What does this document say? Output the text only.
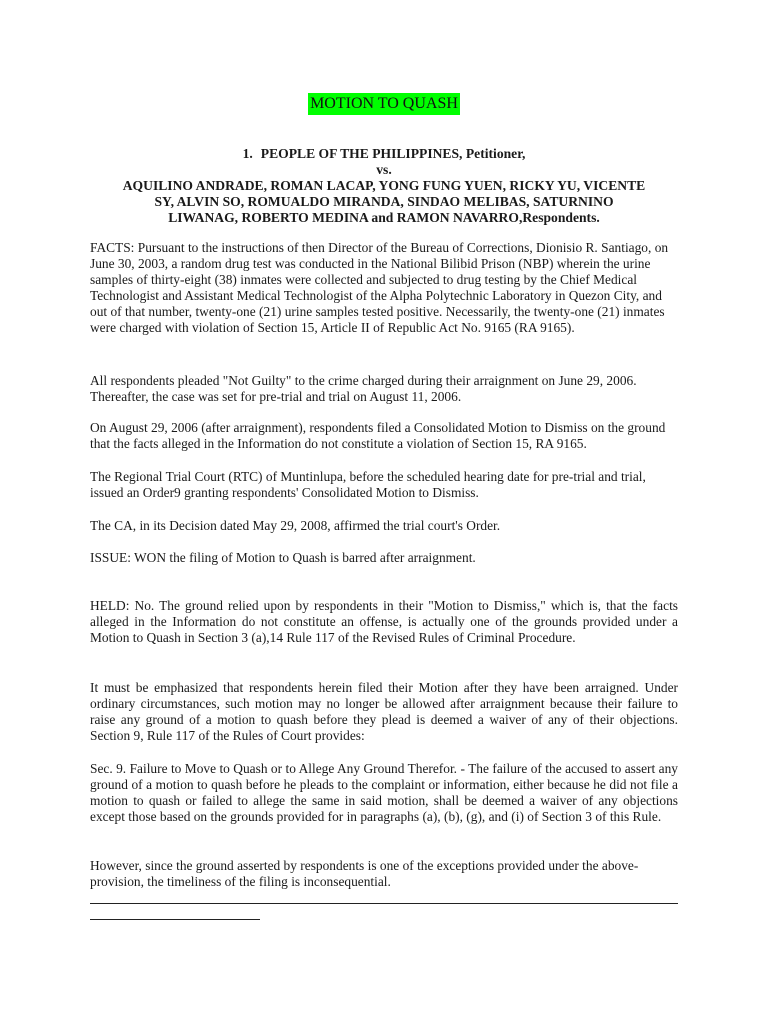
MOTION TO QUASH
1. PEOPLE OF THE PHILIPPINES, Petitioner,
vs.
AQUILINO ANDRADE, ROMAN LACAP, YONG FUNG YUEN, RICKY YU, VICENTE
SY, ALVIN SO, ROMUALDO MIRANDA, SINDAO MELIBAS, SATURNINO
LIWANAG, ROBERTO MEDINA and RAMON NAVARRO,Respondents.

FACTS: Pursuant to the instructions of then Director of the Bureau of Corrections, Dionisio R. Santiago, on June 30, 2003, a random drug test was conducted in the National Bilibid Prison (NBP) wherein the urine samples of thirty-eight (38) inmates were collected and subjected to drug testing by the Chief Medical Technologist and Assistant Medical Technologist of the Alpha Polytechnic Laboratory in Quezon City, and out of that number, twenty-one (21) urine samples tested positive. Necessarily, the twenty-one (21) inmates were charged with violation of Section 15, Article II of Republic Act No. 9165 (RA 9165).

All respondents pleaded "Not Guilty" to the crime charged during their arraignment on June 29, 2006. Thereafter, the case was set for pre-trial and trial on August 11, 2006.

On August 29, 2006 (after arraignment), respondents filed a Consolidated Motion to Dismiss on the ground that the facts alleged in the Information do not constitute a violation of Section 15, RA 9165.

The Regional Trial Court (RTC) of Muntinlupa, before the scheduled hearing date for pre-trial and trial, issued an Order9 granting respondents' Consolidated Motion to Dismiss.

The CA, in its Decision dated May 29, 2008, affirmed the trial court's Order.

ISSUE: WON the filing of Motion to Quash is barred after arraignment.

HELD: No. The ground relied upon by respondents in their "Motion to Dismiss," which is, that the facts alleged in the Information do not constitute an offense, is actually one of the grounds provided under a Motion to Quash in Section 3 (a),14 Rule 117 of the Revised Rules of Criminal Procedure.

It must be emphasized that respondents herein filed their Motion after they have been arraigned. Under ordinary circumstances, such motion may no longer be allowed after arraignment because their failure to raise any ground of a motion to quash before they plead is deemed a waiver of any of their objections. Section 9, Rule 117 of the Rules of Court provides:

Sec. 9. Failure to Move to Quash or to Allege Any Ground Therefor. - The failure of the accused to assert any ground of a motion to quash before he pleads to the complaint or information, either because he did not file a motion to quash or failed to allege the same in said motion, shall be deemed a waiver of any objections except those based on the grounds provided for in paragraphs (a), (b), (g), and (i) of Section 3 of this Rule.

However, since the ground asserted by respondents is one of the exceptions provided under the above-provision, the timeliness of the filing is inconsequential.
